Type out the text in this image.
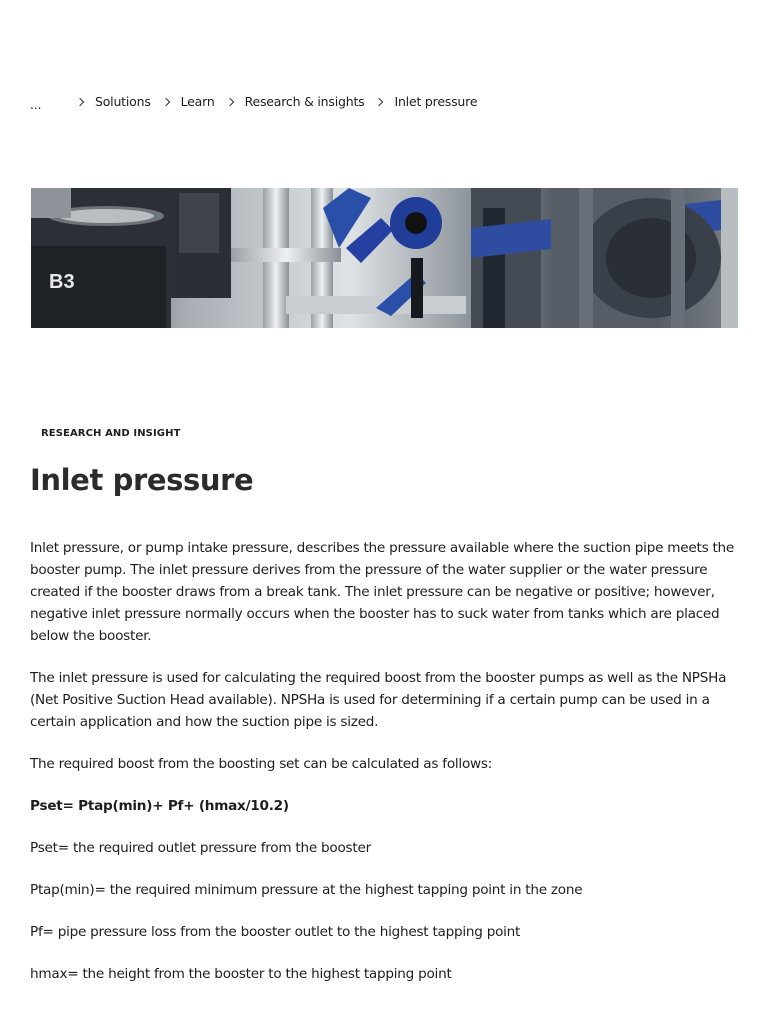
...	Solutions Learn Research & insights Inlet pressure
B3
RESEARCH AND INSIGHT
Inlet pressure

Inlet pressure, or pump intake pressure, describes the pressure available where the suction pipe meets the booster pump. The inlet pressure derives from the pressure of the water supplier or the water pressure created if the booster draws from a break tank. The inlet pressure can be negative or positive; however, negative inlet pressure normally occurs when the booster has to suck water from tanks which are placed below the booster.

The inlet pressure is used for calculating the required boost from the booster pumps as well as the NPSHa (Net Positive Suction Head available). NPSHa is used for determining if a certain pump can be used in a certain application and how the suction pipe is sized.

The required boost from the boosting set can be calculated as follows:

Pset= Ptap(min)+ Pf+ (hmax/10.2)

Pset= the required outlet pressure from the booster

Ptap(min)= the required minimum pressure at the highest tapping point in the zone

Pf= pipe pressure loss from the booster outlet to the highest tapping point

hmax= the height from the booster to the highest tapping point
